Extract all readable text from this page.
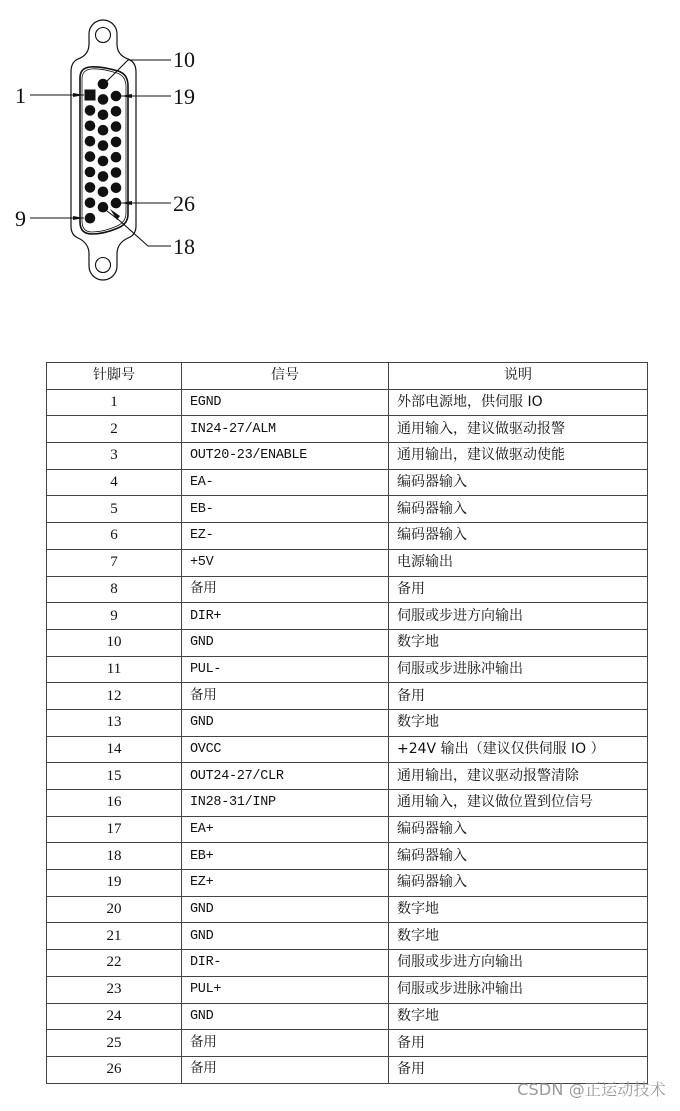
1
9
10
19
26
18
针脚号	信号	说明
1	EGND	外部电源地，供伺服 IO
2	IN24-27/ALM	通用输入，建议做驱动报警
3	OUT20-23/ENABLE	通用输出，建议做驱动使能
4	EA-	编码器输入
5	EB-	编码器输入
6	EZ-	编码器输入
7	+5V	电源输出
8	备用	备用
9	DIR+	伺服或步进方向输出
10	GND	数字地
11	PUL-	伺服或步进脉冲输出
12	备用	备用
13	GND	数字地
14	OVCC	+24V 输出（建议仅供伺服 IO ）
15	OUT24-27/CLR	通用输出，建议驱动报警清除
16	IN28-31/INP	通用输入，建议做位置到位信号
17	EA+	编码器输入
18	EB+	编码器输入
19	EZ+	编码器输入
20	GND	数字地
21	GND	数字地
22	DIR-	伺服或步进方向输出
23	PUL+	伺服或步进脉冲输出
24	GND	数字地
25	备用	备用
26	备用	备用
CSDN @正运动技术
